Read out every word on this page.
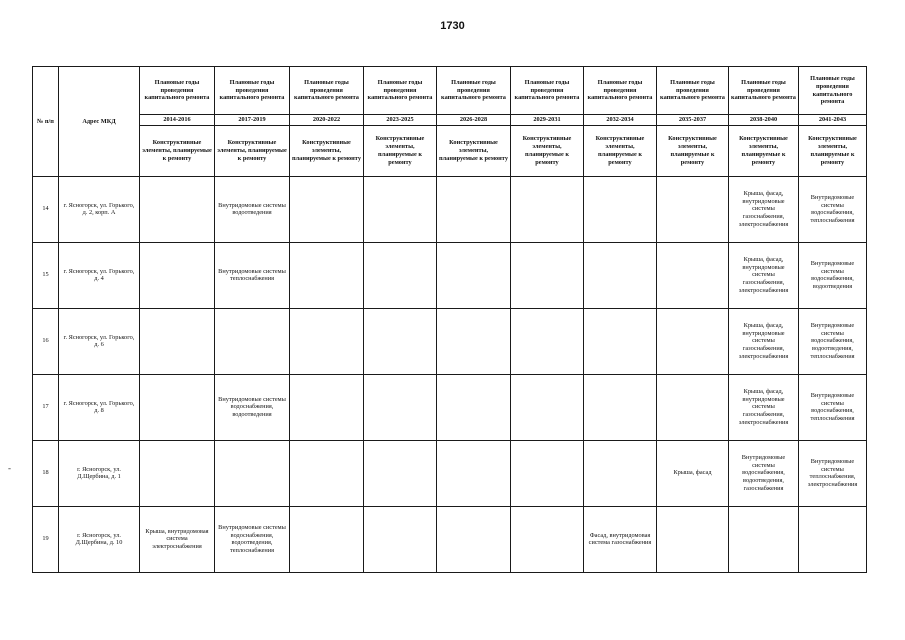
1730
№ п/п	Адрес МКД	Плановые годы проведения капитального ремонта	Плановые годы проведения капитального ремонта	Плановые годы проведения капитального ремонта	Плановые годы проведения капитального ремонта	Плановые годы проведения капитального ремонта	Плановые годы проведения капитального ремонта	Плановые годы проведения капитального ремонта	Плановые годы проведения капитального ремонта	Плановые годы проведения капитального ремонта	Плановые годы проведения капитального ремонта
		2014-2016	2017-2019	2020-2022	2023-2025	2026-2028	2029-2031	2032-2034	2035-2037	2038-2040	2041-2043
		Конструктивные элементы, планируемые к ремонту	Конструктивные элементы, планируемые к ремонту	Конструктивные элементы, планируемые к ремонту	Конструктивные элементы, планируемые к ремонту	Конструктивные элементы, планируемые к ремонту	Конструктивные элементы, планируемые к ремонту	Конструктивные элементы, планируемые к ремонту	Конструктивные элементы, планируемые к ремонту	Конструктивные элементы, планируемые к ремонту	Конструктивные элементы, планируемые к ремонту
14	г. Ясногорск, ул. Горького, д. 2, корп. А		Внутридомовые системы водоотведения							Крыша, фасад, внутридомовые системы газоснабжения, электроснабжения	Внутридомовые системы водоснабжения, теплоснабжения
15	г. Ясногорск, ул. Горького, д. 4		Внутридомовые системы теплоснабжения							Крыша, фасад, внутридомовые системы газоснабжения, электроснабжения	Внутридомовые системы водоснабжения, водоотведения
16	г. Ясногорск, ул. Горького, д. 6									Крыша, фасад, внутридомовые системы газоснабжения, электроснабжения	Внутридомовые системы водоснабжения, водоотведения, теплоснабжения
17	г. Ясногорск, ул. Горького, д. 8		Внутридомовые системы водоснабжения, водоотведения							Крыша, фасад, внутридомовые системы газоснабжения, электроснабжения	Внутридомовые системы водоснабжения, теплоснабжения
18	г. Ясногорск, ул. Д.Щербина, д. 1								Крыша, фасад	Внутридомовые системы водоснабжения, водоотведения, газоснабжения	Внутридомовые системы теплоснабжения, электроснабжения
19	г. Ясногорск, ул. Д.Щербина, д. 10	Крыша, внутридомовая система электроснабжения	Внутридомовые системы водоснабжения, водоотведения, теплоснабжения					Фасад, внутридомовая система газоснабжения			
-
